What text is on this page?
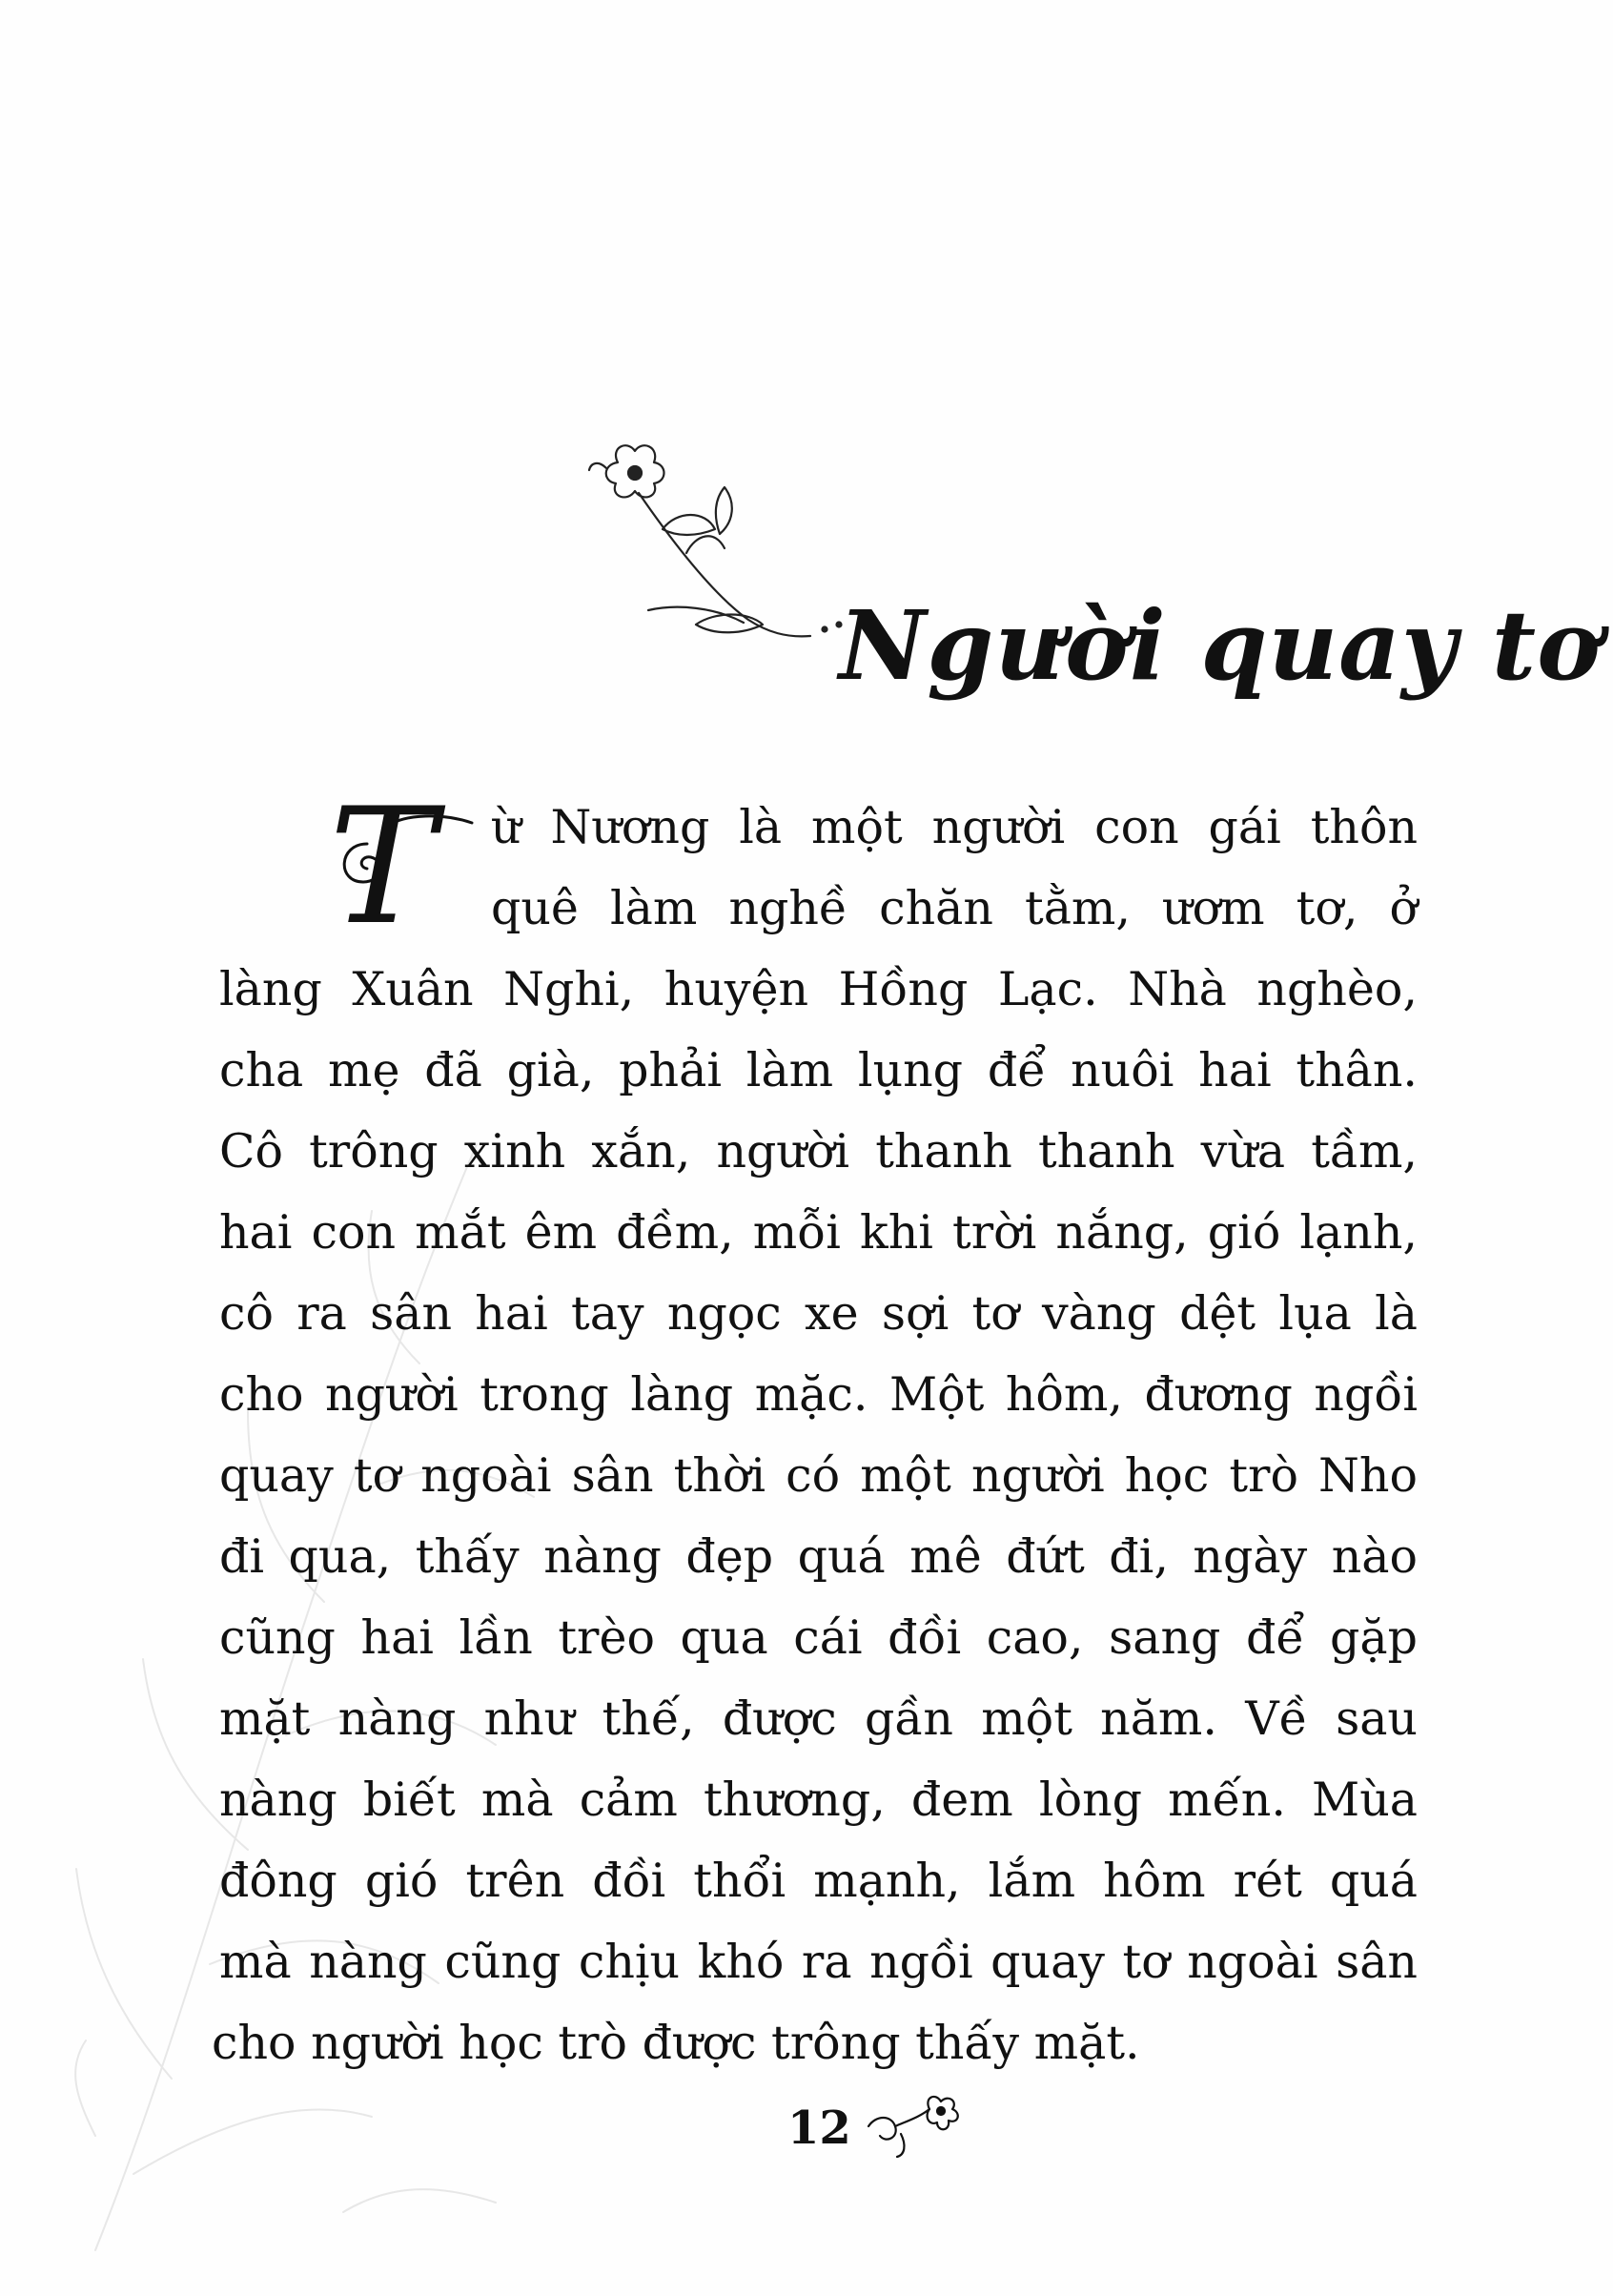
Người quay tơ
T	ừ Nương là một người con gái thôn
quê làm nghề chăn tằm, ươm tơ, ở
làng Xuân Nghi, huyện Hồng Lạc. Nhà nghèo,
cha mẹ đã già, phải làm lụng để nuôi hai thân.
Cô trông xinh xắn, người thanh thanh vừa tầm,
hai con mắt êm đềm, mỗi khi trời nắng, gió lạnh,
cô ra sân hai tay ngọc xe sợi tơ vàng dệt lụa là
cho người trong làng mặc. Một hôm, đương ngồi
quay tơ ngoài sân thời có một người học trò Nho
đi qua, thấy nàng đẹp quá mê đứt đi, ngày nào
cũng hai lần trèo qua cái đồi cao, sang để gặp
mặt nàng như thế, được gần một năm. Về sau
nàng biết mà cảm thương, đem lòng mến. Mùa
đông gió trên đồi thổi mạnh, lắm hôm rét quá
mà nàng cũng chịu khó ra ngồi quay tơ ngoài sân
cho người học trò được trông thấy mặt.
12
